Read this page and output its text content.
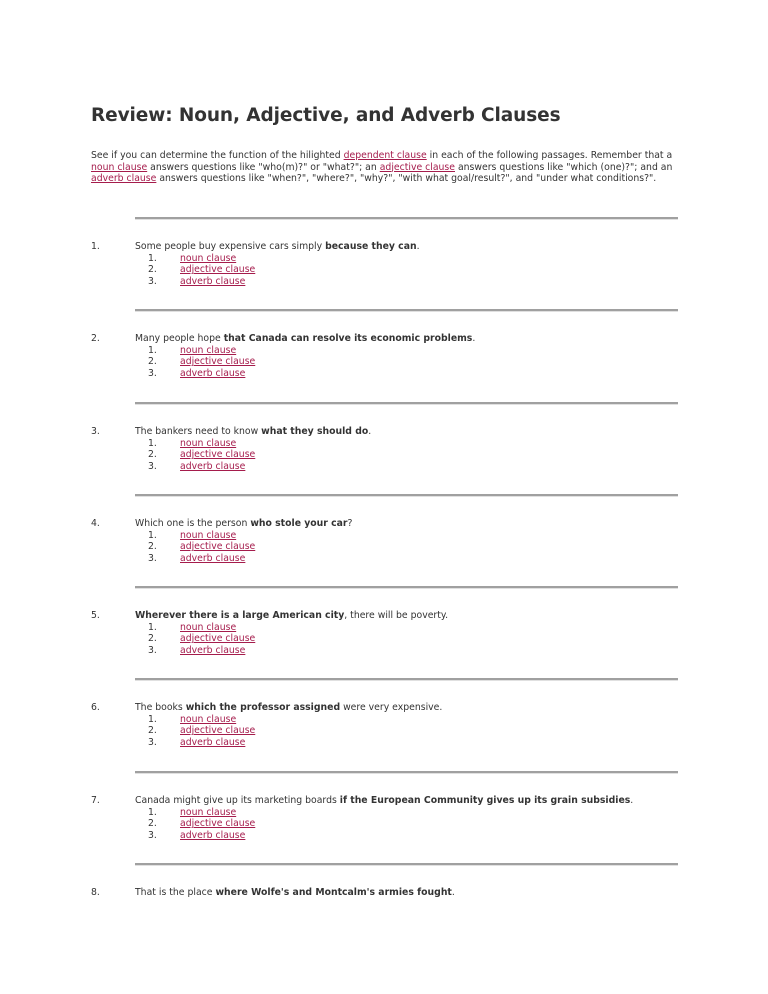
Review: Noun, Adjective, and Adverb Clauses

See if you can determine the function of the hilighted dependent clause in each of the following passages. Remember that a noun clause answers questions like "who(m)?" or "what?"; an adjective clause answers questions like "which (one)?"; and an adverb clause answers questions like "when?", "where?", "why?", "with what goal/result?", and "under what conditions?".

1.	Some people buy expensive cars simply because they can.
1.	noun clause
2.	adjective clause
3.	adverb clause
2.	Many people hope that Canada can resolve its economic problems.
1.	noun clause
2.	adjective clause
3.	adverb clause
3.	The bankers need to know what they should do.
1.	noun clause
2.	adjective clause
3.	adverb clause
4.	Which one is the person who stole your car?
1.	noun clause
2.	adjective clause
3.	adverb clause
5.	Wherever there is a large American city, there will be poverty.
1.	noun clause
2.	adjective clause
3.	adverb clause
6.	The books which the professor assigned were very expensive.
1.	noun clause
2.	adjective clause
3.	adverb clause
7.	Canada might give up its marketing boards if the European Community gives up its grain subsidies.
1.	noun clause
2.	adjective clause
3.	adverb clause
8.	That is the place where Wolfe's and Montcalm's armies fought.
